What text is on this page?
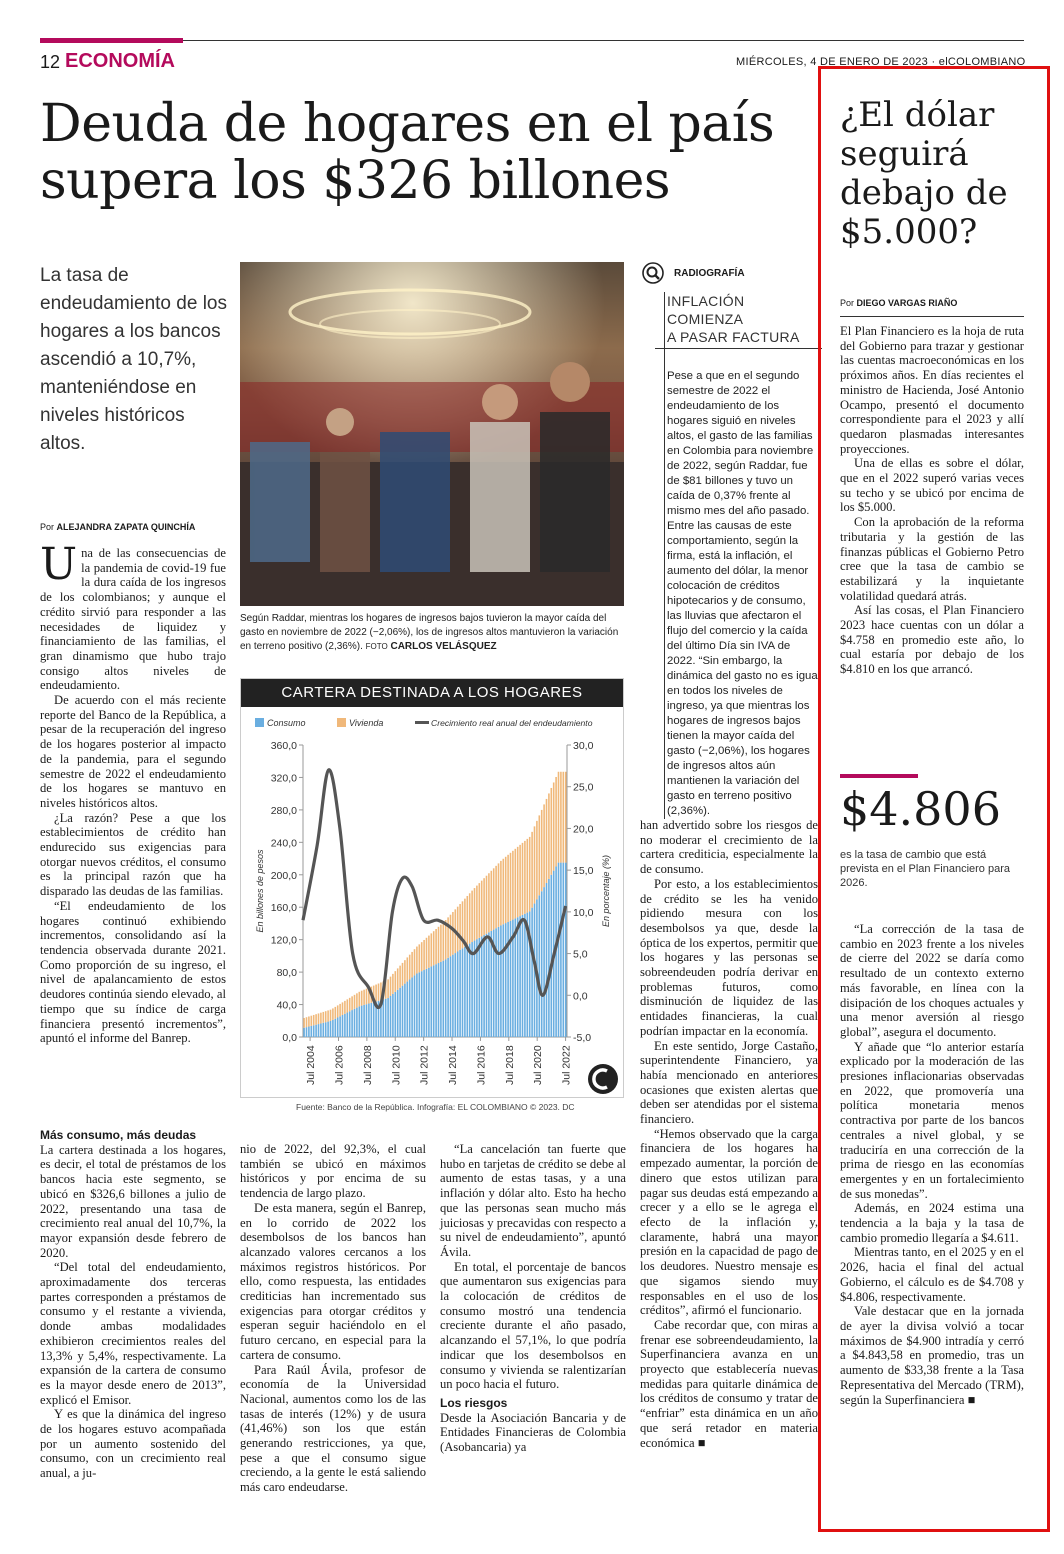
12 ECONOMÍA	MIÉRCOLES, 4 DE ENERO DE 2023 · elCOLOMBIANO
Deuda de hogares en el país
supera los $326 billones
La tasa de endeudamiento de los hogares a los bancos ascendió a 10,7%, manteniéndose en niveles históricos altos.
Por ALEJANDRA ZAPATA QUINCHÍA
U na de las consecuencias de la pandemia de covid-19 fue la dura caída de los ingresos de los colombianos; y aunque el crédito sirvió para responder a las necesidades de liquidez y financiamiento de las familias, el gran dinamismo que hubo trajo consigo altos niveles de endeudamiento.

De acuerdo con el más reciente reporte del Banco de la República, a pesar de la recuperación del ingreso de los hogares posterior al impacto de la pandemia, para el segundo semestre de 2022 el endeudamiento de los hogares se mantuvo en niveles históricos altos.

¿La razón? Pese a que los establecimientos de crédito han endurecido sus exigencias para otorgar nuevos créditos, el consumo es la principal razón que ha disparado las deudas de las familias.

“El endeudamiento de los hogares continuó exhibiendo incrementos, consolidando así la tendencia observada durante 2021. Como proporción de su ingreso, el nivel de apalancamiento de estos deudores continúa siendo elevado, al tiempo que su índice de carga financiera presentó incrementos”, apuntó el informe del Banrep.

Más consumo, más deudas

La cartera destinada a los hogares, es decir, el total de préstamos de los bancos hacia este segmento, se ubicó en $326,6 billones a julio de 2022, presentando una tasa de crecimiento real anual del 10,7%, la mayor expansión desde febrero de 2020.

“Del total del endeudamiento, aproximadamente dos terceras partes corresponden a préstamos de consumo y el restante a vivienda, donde ambas modalidades exhibieron crecimientos reales del 13,3% y 5,4%, respectivamente. La expansión de la cartera de consumo es la mayor desde enero de 2013”, explicó el Emisor.

Y es que la dinámica del ingreso de los hogares estuvo acompañada por un aumento sostenido del consumo, con un crecimiento real anual, a ju-

nio de 2022, del 92,3%, el cual también se ubicó en máximos históricos y por encima de su tendencia de largo plazo.

De esta manera, según el Banrep, en lo corrido de 2022 los desembolsos de los bancos han alcanzado valores cercanos a los máximos registros históricos. Por ello, como respuesta, las entidades crediticias han incrementado sus exigencias para otorgar créditos y esperan seguir haciéndolo en el futuro cercano, en especial para la cartera de consumo.

Para Raúl Ávila, profesor de economía de la Universidad Nacional, aumentos como los de las tasas de interés (12%) y de usura (41,46%) son los que están generando restricciones, ya que, pese a que el consumo sigue creciendo, a la gente le está saliendo más caro endeudarse.

“La cancelación tan fuerte que hubo en tarjetas de crédito se debe al aumento de estas tasas, y a una inflación y dólar alto. Esto ha hecho que las personas sean mucho más juiciosas y precavidas con respecto a su nivel de endeudamiento”, apuntó Ávila.

En total, el porcentaje de bancos que aumentaron sus exigencias para la colocación de créditos de consumo mostró una tendencia creciente durante el año pasado, alcanzando el 57,1%, lo que podría indicar que los desembolsos en consumo y vivienda se ralentizarían un poco hacia el futuro.

Los riesgos

Desde la Asociación Bancaria y de Entidades Financieras de Colombia (Asobancaria) ya

han advertido sobre los riesgos de no moderar el crecimiento de la cartera crediticia, especialmente la de consumo.

Por esto, a los establecimientos de crédito se les ha venido pidiendo mesura con los desembolsos ya que, desde la óptica de los expertos, permitir que los hogares y las personas se sobreendeuden podría derivar en problemas futuros, como disminución de liquidez de las entidades financieras, la cual podrían impactar en la economía.

En este sentido, Jorge Castaño, superintendente Financiero, ya había mencionado en anteriores ocasiones que existen alertas que deben ser atendidas por el sistema financiero.

“Hemos observado que la carga financiera de los hogares ha empezado aumentar, la porción de dinero que estos utilizan para pagar sus deudas está empezando a crecer y a ello se le agrega el efecto de la inflación y, claramente, habrá una mayor presión en la capacidad de pago de los deudores. Nuestro mensaje es que sigamos siendo muy responsables en el uso de los créditos”, afirmó el funcionario.

Cabe recordar que, con miras a frenar ese sobreendeudamiento, la Superfinanciera avanza en un proyecto que establecería nuevas medidas para quitarle dinámica de los créditos de consumo y tratar de “enfriar” esta dinámica en un año que será retador en materia económica ■

Según Raddar, mientras los hogares de ingresos bajos tuvieron la mayor caída del gasto en noviembre de 2022 (−2,06%), los de ingresos altos mantuvieron la variación en terreno positivo (2,36%). FOTO CARLOS VELÁSQUEZ
RADIOGRAFÍA
INFLACIÓN COMIENZA
A PASAR FACTURA
Pese a que en el segundo semestre de 2022 el endeudamiento de los hogares siguió en niveles altos, el gasto de las familias en Colombia para noviembre de 2022, según Raddar, fue de $81 billones y tuvo un caída de 0,37% frente al mismo mes del año pasado. Entre las causas de este comportamiento, según la firma, está la inflación, el aumento del dólar, la menor colocación de créditos hipotecarios y de consumo, las lluvias que afectaron el flujo del comercio y la caída del último Día sin IVA de 2022. “Sin embargo, la dinámica del gasto no es igual en todos los niveles de ingreso, ya que mientras los hogares de ingresos bajos tienen la mayor caída del gasto (−2,06%), los hogares de ingresos altos aún mantienen la variación del gasto en terreno positivo (2,36%).
CARTERA DESTINADA A LOS HOGARES
Consumo	Vivienda	Crecimiento real anual del endeudamiento
360,0
320,0
280,0
240,0
200,0
160,0
120,0
80,0
40,0
0,0
30,0
25,0
20,0
15,0
10,0
5,0
0,0
-5,0
En billones de pesos	En porcentaje (%)
Jul 2004 Jul 2006 Jul 2008 Jul 2010 Jul 2012 Jul 2014 Jul 2016 Jul 2018 Jul 2020 Jul 2022
Fuente: Banco de la República. Infografía: EL COLOMBIANO © 2023. DC
¿El dólar
seguirá
debajo de
$5.000?
Por DIEGO VARGAS RIAÑO

El Plan Financiero es la hoja de ruta del Gobierno para trazar y gestionar las cuentas macroeconómicas en los próximos años. En días recientes el ministro de Hacienda, José Antonio Ocampo, presentó el documento correspondiente para el 2023 y allí quedaron plasmadas interesantes proyecciones.

Una de ellas es sobre el dólar, que en el 2022 superó varias veces su techo y se ubicó por encima de los $5.000.

Con la aprobación de la reforma tributaria y la gestión de las finanzas públicas el Gobierno Petro cree que la tasa de cambio se estabilizará y la inquietante volatilidad quedará atrás.

Así las cosas, el Plan Financiero 2023 hace cuentas con un dólar a $4.758 en promedio este año, lo cual estaría por debajo de los $4.810 en los que arrancó.

$4.806
es la tasa de cambio que está prevista en el Plan Financiero para 2026.

“La corrección de la tasa de cambio en 2023 frente a los niveles de cierre del 2022 se daría como resultado de un contexto externo más favorable, en línea con la disipación de los choques actuales y una menor aversión al riesgo global”, asegura el documento.

Y añade que “lo anterior estaría explicado por la moderación de las presiones inflacionarias observadas en 2022, que promovería una política monetaria menos contractiva por parte de los bancos centrales a nivel global, y se traduciría en una corrección de la prima de riesgo en las economías emergentes y en un fortalecimiento de sus monedas”.

Además, en 2024 estima una tendencia a la baja y la tasa de cambio promedio llegaría a $4.611.

Mientras tanto, en el 2025 y en el 2026, hacia el final del actual Gobierno, el cálculo es de $4.708 y $4.806, respectivamente.

Vale destacar que en la jornada de ayer la divisa volvió a tocar máximos de $4.900 intradía y cerró a $4.843,58 en promedio, tras un aumento de $33,38 frente a la Tasa Representativa del Mercado (TRM), según la Superfinanciera ■
